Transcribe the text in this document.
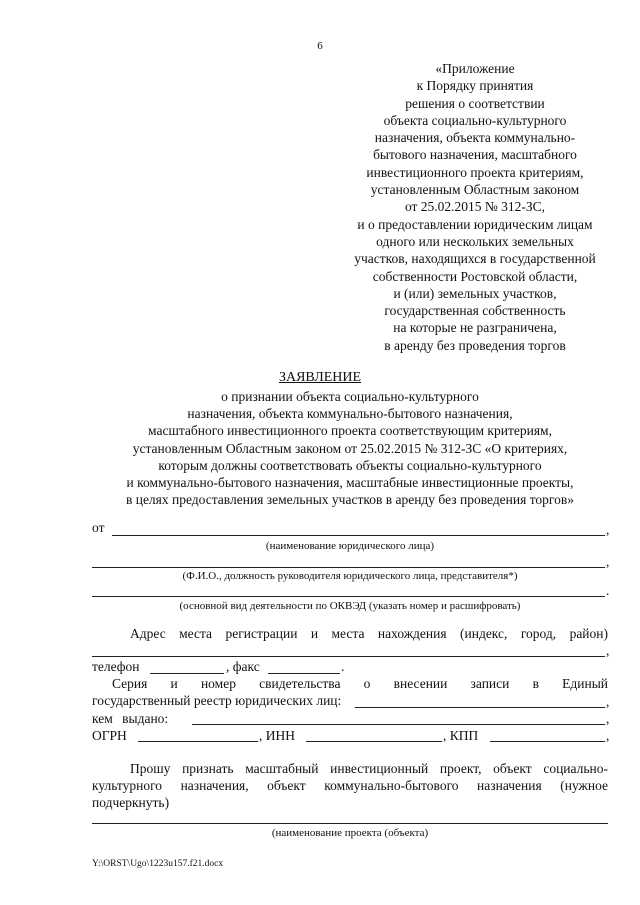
6
«Приложение
к Порядку принятия
решения о соответствии
объекта социально-культурного
назначения, объекта коммунально-
бытового назначения, масштабного
инвестиционного проекта критериям,
установленным Областным законом
от 25.02.2015 № 312-ЗС,
и о предоставлении юридическим лицам
одного или нескольких земельных
участков, находящихся в государственной
собственности Ростовской области,
и (или) земельных участков,
государственная собственность
на которые не разграничена,
в аренду без проведения торгов
ЗАЯВЛЕНИЕ
о признании объекта социально-культурного
назначения, объекта коммунально-бытового назначения,
масштабного инвестиционного проекта соответствующим критериям,
установленным Областным законом от 25.02.2015 № 312-ЗС «О критериях,
которым должны соответствовать объекты социально-культурного
и коммунально-бытового назначения, масштабные инвестиционные проекты,
в целях предоставления земельных участков в аренду без проведения торгов»
от	,
(наименование юридического лица)
,
(Ф.И.О., должность руководителя юридического лица, представителя*)
.
(основной вид деятельности по ОКВЭД (указать номер и расшифровать)
Адрес места регистрации и места нахождения (индекс, город, район)
,
телефон	, факс	.
Серия и номер свидетельства о внесении записи в Единый
государственный реестр юридических лиц:	,
кем выдано:	,
ОГРН	, ИНН	, КПП	,
Прошу признать масштабный инвестиционный проект, объект социально-культурного назначения, объект коммунально-бытового назначения (нужное подчеркнуть)
(наименование проекта (объекта)
Y:\ORST\Ugo\1223u157.f21.docx
